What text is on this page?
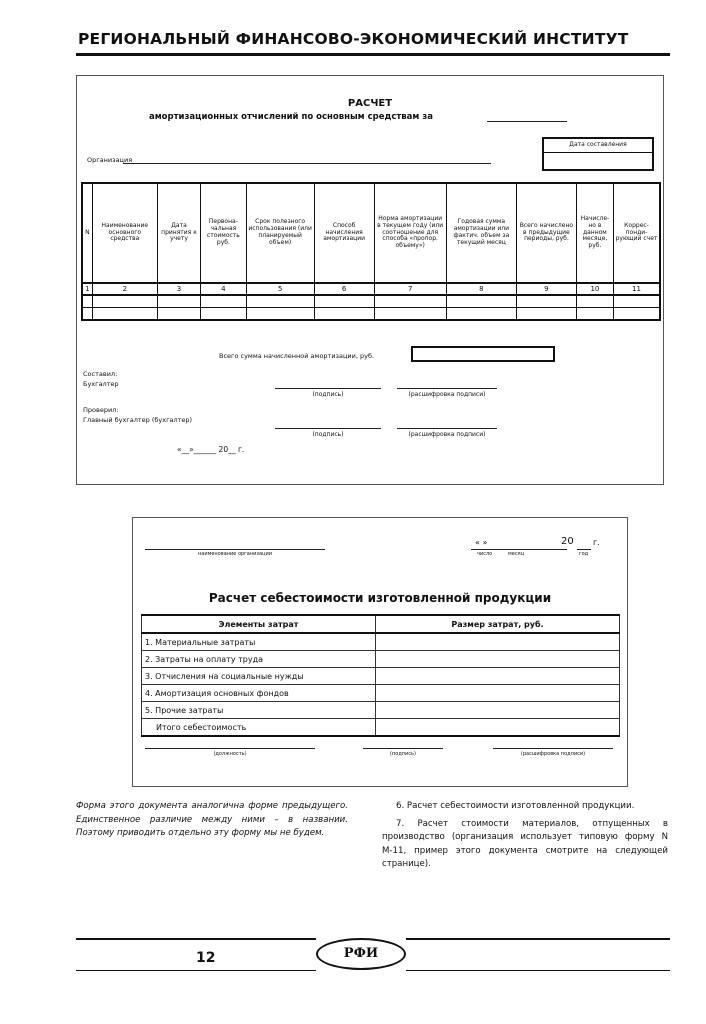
РЕГИОНАЛЬНЫЙ ФИНАНСОВО-ЭКОНОМИЧЕСКИЙ ИНСТИТУТ
РАСЧЕТ
амортизационных отчислений по основным средствам за
Дата составления
Организация
N	Наименование основного средства	Дата принятия к учету	Первона-чальная стоимость руб.	Срок полезного использования (или планируемый объем)	Способ начисления амортизации	Норма амортизации в текущем году (или соотношение для способа «пропор. объему»)	Годовая сумма амортизации или фактич. объем за текущий месяц	Всего начислено в предыдущие периоды, руб.	Начисле-но в данном месяце, руб.	Коррес-понди-рующий счет
1	2	3	4	5	6	7	8	9	10	11

Всего сумма начисленной амортизации, руб.
Составил:
Бухгалтер
(подпись)	(расшифровка подписи)
Проверил:
Главный бухгалтер (бухгалтер)
(подпись)	(расшифровка подписи)
«__»______ 20__ г.
наименование организации
« »	20 г.
число	месяц	год
Расчет себестоимости изготовленной продукции
Элементы затрат	Размер затрат, руб.
1. Материальные затраты	
2. Затраты на оплату труда	
3. Отчисления на социальные нужды	
4. Амортизация основных фондов	
5. Прочие затраты	
Итого себестоимость	
(должность)	(подпись)	(расшифровка подписи)

Форма этого документа аналогична форме предыдущего. Единственное различие между ними – в названии. Поэтому приводить отдельно эту форму мы не будем.

6. Расчет себестоимости изготовленной продукции.

7. Расчет стоимости материалов, отпущенных в производство (организация использует типовую форму N М-11, пример этого документа смотрите на следующей странице).

12	РФИ
